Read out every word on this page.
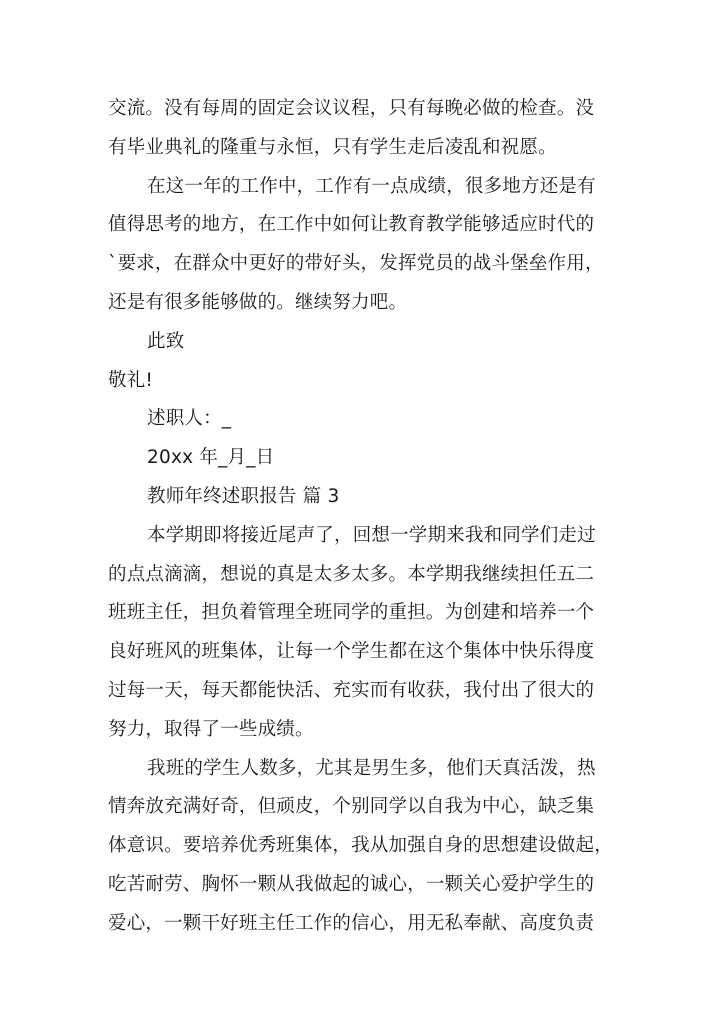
交流。没有每周的固定会议议程，只有每晚必做的检查。没
有毕业典礼的隆重与永恒，只有学生走后凌乱和祝愿。
在这一年的工作中，工作有一点成绩，很多地方还是有
值得思考的地方，在工作中如何让教育教学能够适应时代的
`要求，在群众中更好的带好头，发挥党员的战斗堡垒作用，
还是有很多能够做的。继续努力吧。
此致
敬礼!
述职人：_
20xx 年_月_日
教师年终述职报告 篇 3
本学期即将接近尾声了，回想一学期来我和同学们走过
的点点滴滴，想说的真是太多太多。本学期我继续担任五二
班班主任，担负着管理全班同学的重担。为创建和培养一个
良好班风的班集体，让每一个学生都在这个集体中快乐得度
过每一天，每天都能快活、充实而有收获，我付出了很大的
努力，取得了一些成绩。
我班的学生人数多，尤其是男生多，他们天真活泼，热
情奔放充满好奇，但顽皮，个别同学以自我为中心，缺乏集
体意识。要培养优秀班集体，我从加强自身的思想建设做起，
吃苦耐劳、胸怀一颗从我做起的诚心，一颗关心爱护学生的
爱心，一颗干好班主任工作的信心，用无私奉献、高度负责
